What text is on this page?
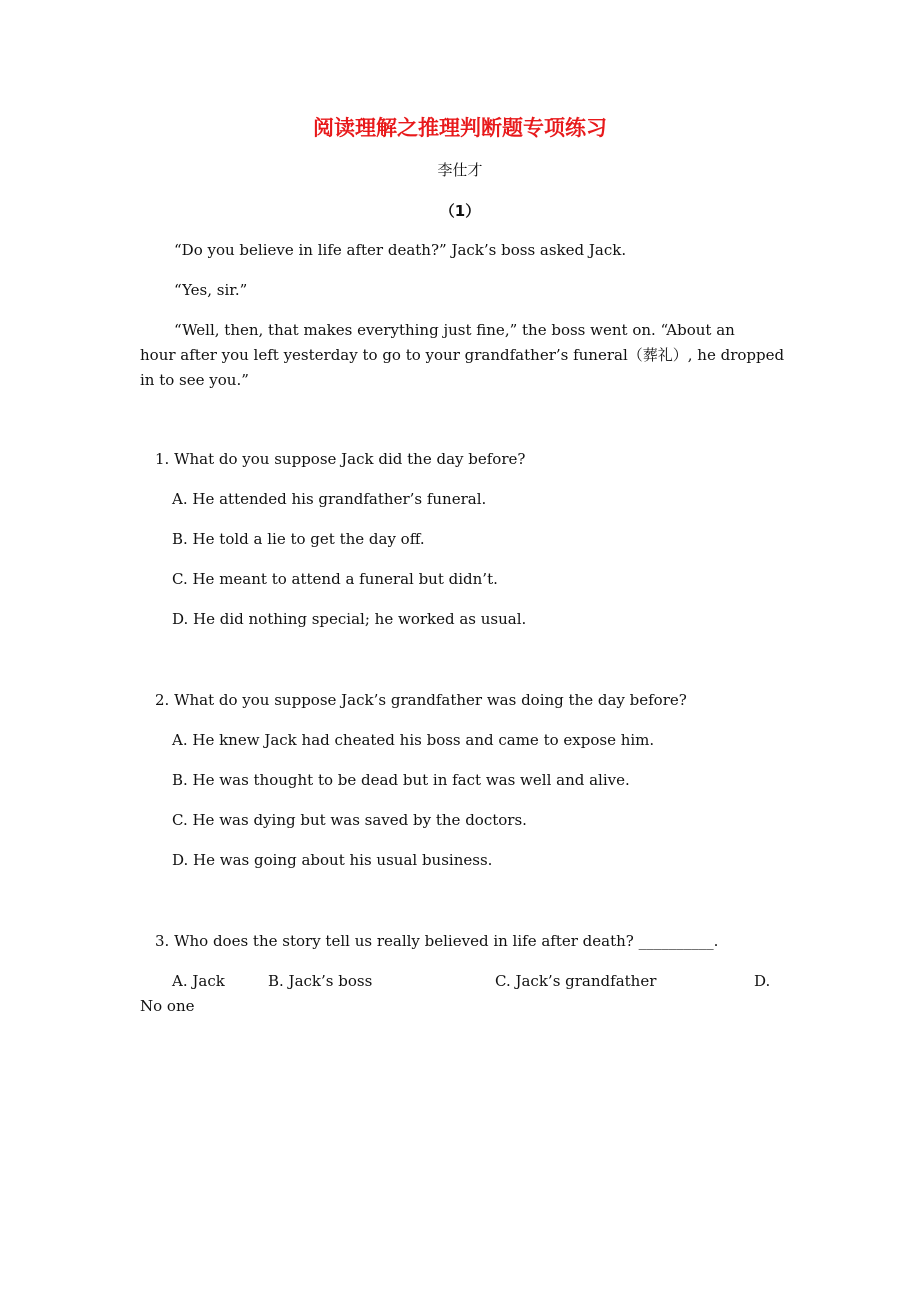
阅读理解之推理判断题专项练习
李仕才
（1）
“Do you believe in life after death?” Jack’s boss asked Jack.
“Yes, sir.”
“Well, then, that makes everything just fine,” the boss went on. “About an
hour after you left yesterday to go to your grandfather’s funeral（葬礼）, he dropped
in to see you.”
1. What do you suppose Jack did the day before?
A. He attended his grandfather’s funeral.
B. He told a lie to get the day off.
C. He meant to attend a funeral but didn’t.
D. He did nothing special; he worked as usual.
2. What do you suppose Jack’s grandfather was doing the day before?
A. He knew Jack had cheated his boss and came to expose him.
B. He was thought to be dead but in fact was well and alive.
C. He was dying but was saved by the doctors.
D. He was going about his usual business.
3. Who does the story tell us really believed in life after death? __________.
A. Jack	B. Jack’s boss	C. Jack’s grandfather	D.
No one
